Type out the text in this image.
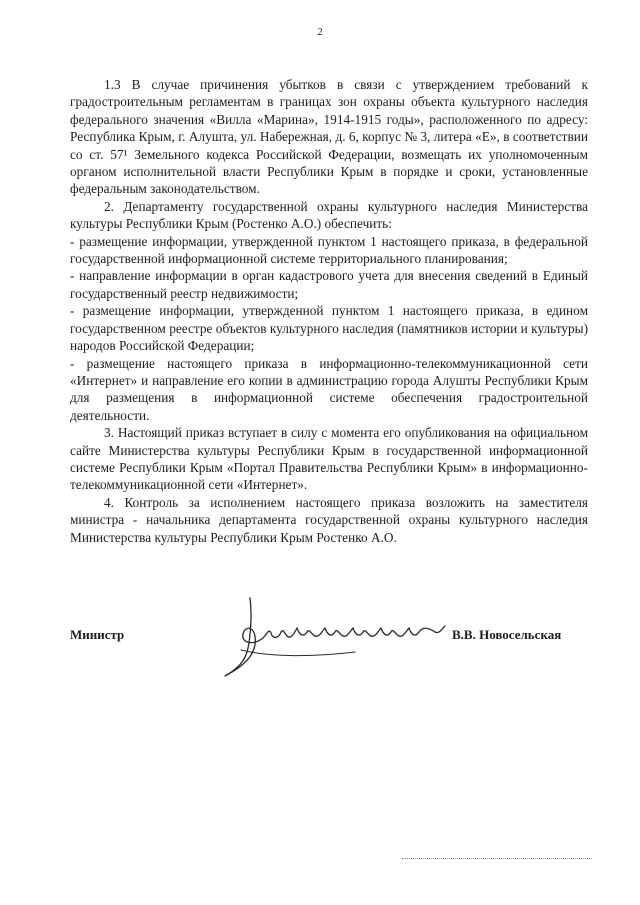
2

1.3 В случае причинения убытков в связи с утверждением требований к градостроительным регламентам в границах зон охраны объекта культурного наследия федерального значения «Вилла «Марина», 1914-1915 годы», расположенного по адресу: Республика Крым, г. Алушта, ул. Набережная, д. 6, корпус № 3, литера «Е», в соответствии со ст. 57¹ Земельного кодекса Российской Федерации, возмещать их уполномоченным органом исполнительной власти Республики Крым в порядке и сроки, установленные федеральным законодательством.

2. Департаменту государственной охраны культурного наследия Министерства культуры Республики Крым (Ростенко А.О.) обеспечить:

- размещение информации, утвержденной пунктом 1 настоящего приказа, в федеральной государственной информационной системе территориального планирования;

- направление информации в орган кадастрового учета для внесения сведений в Единый государственный реестр недвижимости;

- размещение информации, утвержденной пунктом 1 настоящего приказа, в едином государственном реестре объектов культурного наследия (памятников истории и культуры) народов Российской Федерации;

- размещение настоящего приказа в информационно-телекоммуникационной сети «Интернет» и направление его копии в администрацию города Алушты Республики Крым для размещения в информационной системе обеспечения градостроительной деятельности.

3. Настоящий приказ вступает в силу с момента его опубликования на официальном сайте Министерства культуры Республики Крым в государственной информационной системе Республики Крым «Портал Правительства Республики Крым» в информационно-телекоммуникационной сети «Интернет».

4. Контроль за исполнением настоящего приказа возложить на заместителя министра - начальника департамента государственной охраны культурного наследия Министерства культуры Республики Крым Ростенко А.О.

Министр	В.В. Новосельская
